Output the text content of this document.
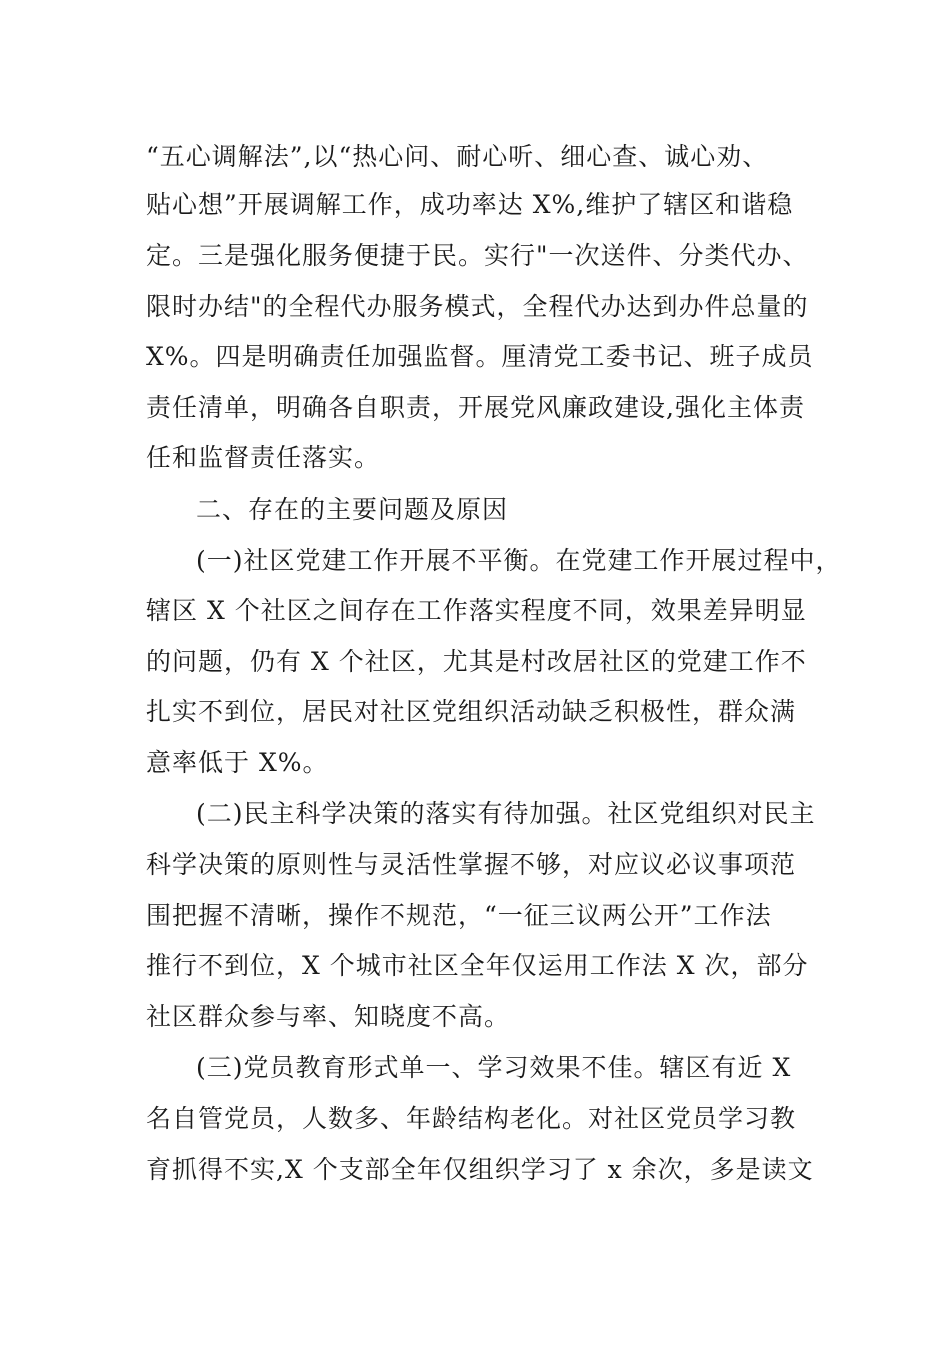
“五心调解法”,以“热心问、耐心听、细心查、诚心劝、
贴心想”开展调解工作，成功率达 X%,维护了辖区和谐稳
定。三是强化服务便捷于民。实行"一次送件、分类代办、
限时办结"的全程代办服务模式，全程代办达到办件总量的
X%。四是明确责任加强监督。厘清党工委书记、班子成员
责任清单，明确各自职责，开展党风廉政建设,强化主体责
任和监督责任落实。
二、存在的主要问题及原因
(一)社区党建工作开展不平衡。在党建工作开展过程中，
辖区 X 个社区之间存在工作落实程度不同，效果差异明显
的问题，仍有 X 个社区，尤其是村改居社区的党建工作不
扎实不到位，居民对社区党组织活动缺乏积极性，群众满
意率低于 X%。
(二)民主科学决策的落实有待加强。社区党组织对民主
科学决策的原则性与灵活性掌握不够，对应议必议事项范
围把握不清晰，操作不规范，“一征三议两公开”工作法
推行不到位，X 个城市社区全年仅运用工作法 X 次，部分
社区群众参与率、知晓度不高。
(三)党员教育形式单一、学习效果不佳。辖区有近 X
名自管党员，人数多、年龄结构老化。对社区党员学习教
育抓得不实,X 个支部全年仅组织学习了 x 余次，多是读文
